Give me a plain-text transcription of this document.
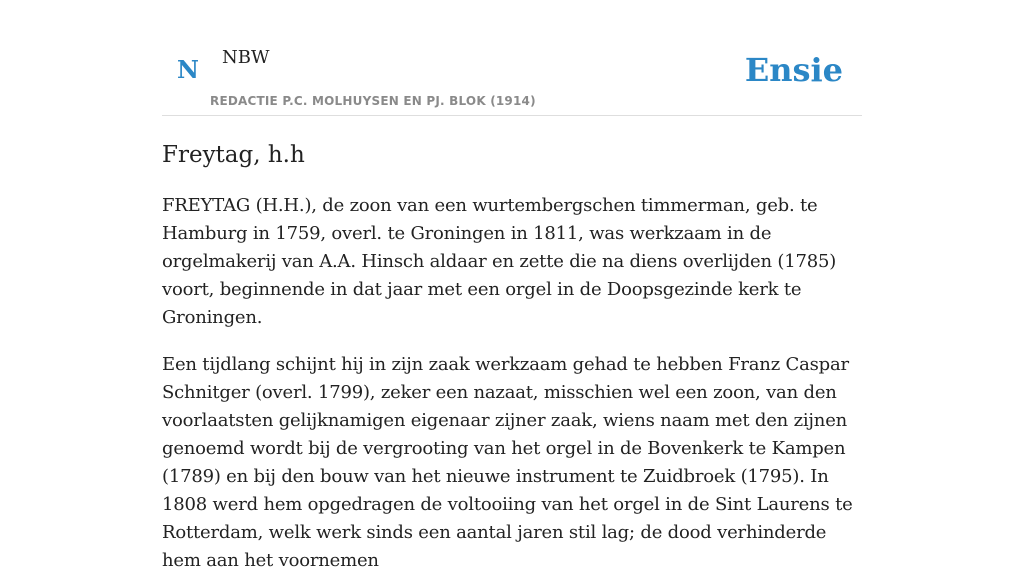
N NBW
REDACTIE P.C. MOLHUYSEN EN PJ. BLOK (1914)
Ensie
Freytag, h.h

FREYTAG (H.H.), de zoon van een wurtembergschen timmerman, geb. te Hamburg in 1759, overl. te Groningen in 1811, was werkzaam in de orgelmakerij van A.A. Hinsch aldaar en zette die na diens overlijden (1785) voort, beginnende in dat jaar met een orgel in de Doopsgezinde kerk te Groningen.

Een tijdlang schijnt hij in zijn zaak werkzaam gehad te hebben Franz Caspar Schnitger (overl. 1799), zeker een nazaat, misschien wel een zoon, van den voorlaatsten gelijknamigen eigenaar zijner zaak, wiens naam met den zijnen genoemd wordt bij de vergrooting van het orgel in de Bovenkerk te Kampen (1789) en bij den bouw van het nieuwe instrument te Zuidbroek (1795). In 1808 werd hem opgedragen de voltooiing van het orgel in de Sint Laurens te Rotterdam, welk werk sinds een aantal jaren stil lag; de dood verhinderde hem aan het voornemen
